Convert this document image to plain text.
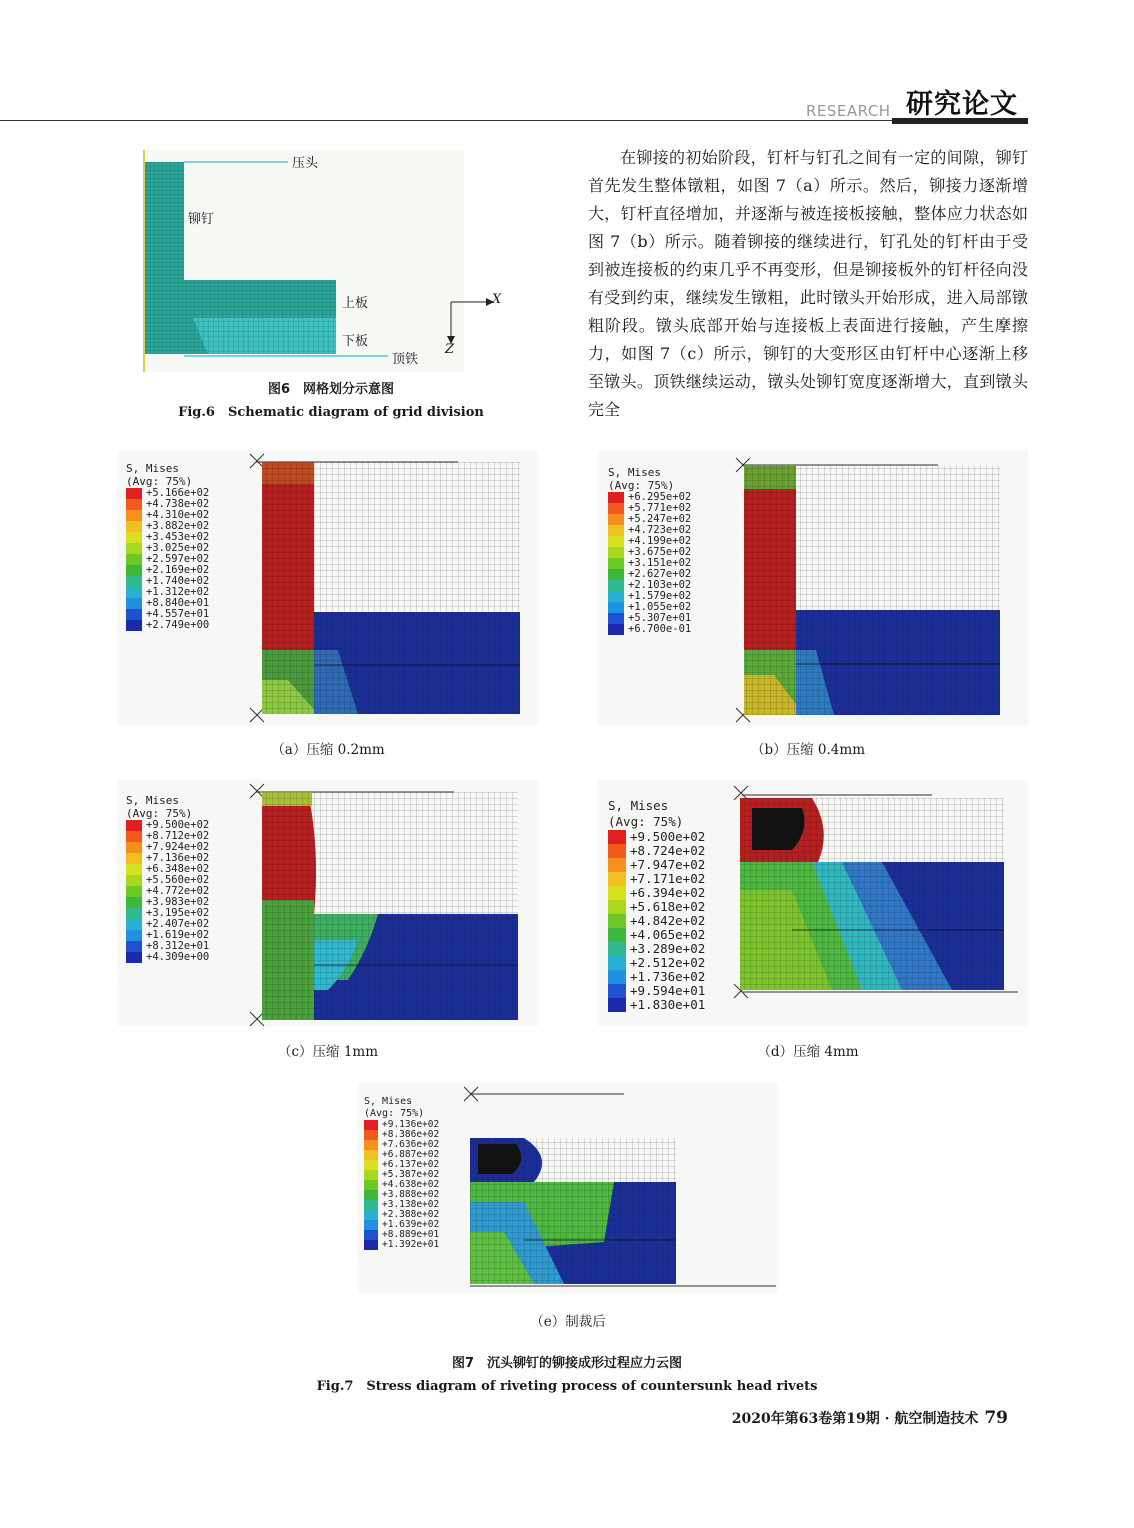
RESEARCH 研究论文
压头
铆钉
上板
下板
顶铁
X
Z
图6　网格划分示意图
Fig.6　Schematic diagram of grid division
在铆接的初始阶段，钉杆与钉孔之间有一定的间隙，铆钉首先发生整体镦粗，如图 7（a）所示。然后，铆接力逐渐增大，钉杆直径增加，并逐渐与被连接板接触，整体应力状态如图 7（b）所示。随着铆接的继续进行，钉孔处的钉杆由于受到被连接板的约束几乎不再变形，但是铆接板外的钉杆径向没有受到约束，继续发生镦粗，此时镦头开始形成，进入局部镦粗阶段。镦头底部开始与连接板上表面进行接触，产生摩擦力，如图 7（c）所示，铆钉的大变形区由钉杆中心逐渐上移至镦头。顶铁继续运动，镦头处铆钉宽度逐渐增大，直到镦头完全
S, Mises
(Avg: 75%)
+5.166e+02
+4.738e+02
+4.310e+02
+3.882e+02
+3.453e+02
+3.025e+02
+2.597e+02
+2.169e+02
+1.740e+02
+1.312e+02
+8.840e+01
+4.557e+01
+2.749e+00
（a）压缩 0.2mm
S, Mises
(Avg: 75%)
+6.295e+02
+5.771e+02
+5.247e+02
+4.723e+02
+4.199e+02
+3.675e+02
+3.151e+02
+2.627e+02
+2.103e+02
+1.579e+02
+1.055e+02
+5.307e+01
+6.700e-01
（b）压缩 0.4mm
S, Mises
(Avg: 75%)
+9.500e+02
+8.712e+02
+7.924e+02
+7.136e+02
+6.348e+02
+5.560e+02
+4.772e+02
+3.983e+02
+3.195e+02
+2.407e+02
+1.619e+02
+8.312e+01
+4.309e+00
（c）压缩 1mm
S, Mises
(Avg: 75%)
+9.500e+02
+8.724e+02
+7.947e+02
+7.171e+02
+6.394e+02
+5.618e+02
+4.842e+02
+4.065e+02
+3.289e+02
+2.512e+02
+1.736e+02
+9.594e+01
+1.830e+01
（d）压缩 4mm
S, Mises
(Avg: 75%)
+9.136e+02
+8.386e+02
+7.636e+02
+6.887e+02
+6.137e+02
+5.387e+02
+4.638e+02
+3.888e+02
+3.138e+02
+2.388e+02
+1.639e+02
+8.889e+01
+1.392e+01
（e）制裁后
图7　沉头铆钉的铆接成形过程应力云图
Fig.7　Stress diagram of riveting process of countersunk head rivets
2020年第63卷第19期 · 航空制造技术 79
